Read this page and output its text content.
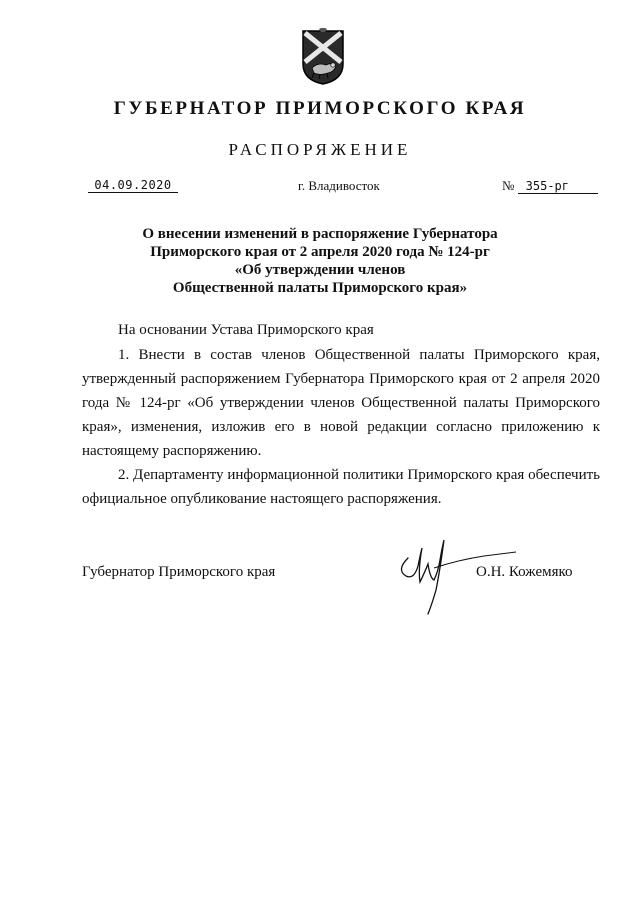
ГУБЕРНАТОР ПРИМОРСКОГО КРАЯ
РАСПОРЯЖЕНИЕ
04.09.2020	г. Владивосток	№ 355-рг
О внесении изменений в распоряжение Губернатора
Приморского края от 2 апреля 2020 года № 124-рг
«Об утверждении членов
Общественной палаты Приморского края»

На основании Устава Приморского края

1. Внести в состав членов Общественной палаты Приморского края, утвержденный распоряжением Губернатора Приморского края от 2 апреля 2020 года № 124-рг «Об утверждении членов Общественной палаты Приморского края», изменения, изложив его в новой редакции согласно приложению к настоящему распоряжению.

2. Департаменту информационной политики Приморского края обеспечить официальное опубликование настоящего распоряжения.

Губернатор Приморского края	О.Н. Кожемяко
